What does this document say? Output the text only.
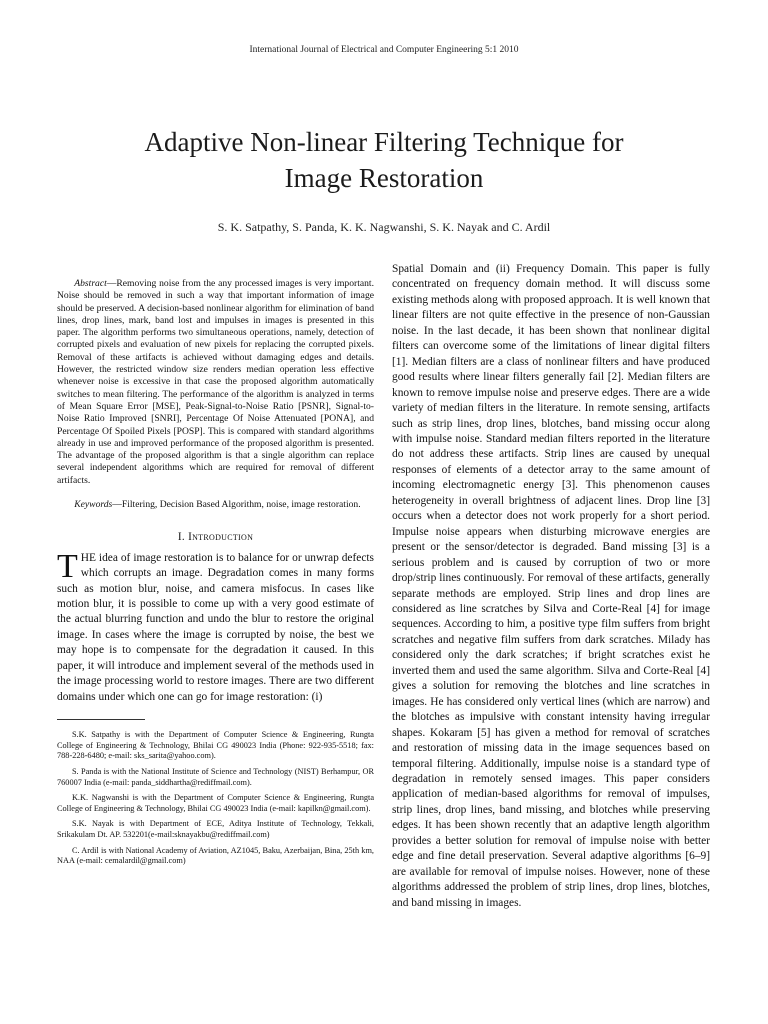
International Journal of Electrical and Computer Engineering 5:1 2010
Adaptive Non-linear Filtering Technique for
Image Restoration
S. K. Satpathy, S. Panda, K. K. Nagwanshi, S. K. Nayak and C. Ardil

Abstract—Removing noise from the any processed images is very important. Noise should be removed in such a way that important information of image should be preserved. A decision-based nonlinear algorithm for elimination of band lines, drop lines, mark, band lost and impulses in images is presented in this paper. The algorithm performs two simultaneous operations, namely, detection of corrupted pixels and evaluation of new pixels for replacing the corrupted pixels. Removal of these artifacts is achieved without damaging edges and details. However, the restricted window size renders median operation less effective whenever noise is excessive in that case the proposed algorithm automatically switches to mean filtering. The performance of the algorithm is analyzed in terms of Mean Square Error [MSE], Peak-Signal-to-Noise Ratio [PSNR], Signal-to-Noise Ratio Improved [SNRI], Percentage Of Noise Attenuated [PONA], and Percentage Of Spoiled Pixels [POSP]. This is compared with standard algorithms already in use and improved performance of the proposed algorithm is presented. The advantage of the proposed algorithm is that a single algorithm can replace several independent algorithms which are required for removal of different artifacts.

Keywords—Filtering, Decision Based Algorithm, noise, image restoration.

I. Introduction

THE idea of image restoration is to balance for or unwrap defects which corrupts an image. Degradation comes in many forms such as motion blur, noise, and camera misfocus. In cases like motion blur, it is possible to come up with a very good estimate of the actual blurring function and undo the blur to restore the original image. In cases where the image is corrupted by noise, the best we may hope is to compensate for the degradation it caused. In this paper, it will introduce and implement several of the methods used in the image processing world to restore images. There are two different domains under which one can go for image restoration: (i)

S.K. Satpathy is with the Department of Computer Science & Engineering, Rungta College of Engineering & Technology, Bhilai CG 490023 India (Phone: 922-935-5518; fax: 788-228-6480; e-mail: sks_sarita@yahoo.com).

S. Panda is with the National Institute of Science and Technology (NIST) Berhampur, OR 760007 India (e-mail: panda_siddhartha@rediffmail.com).

K.K. Nagwanshi is with the Department of Computer Science & Engineering, Rungta College of Engineering & Technology, Bhilai CG 490023 India (e-mail: kapilkn@gmail.com).

S.K. Nayak is with Department of ECE, Aditya Institute of Technology, Tekkali, Srikakulam Dt. AP. 532201(e-mail:sknayakbu@rediffmail.com)

C. Ardil is with National Academy of Aviation, AZ1045, Baku, Azerbaijan, Bina, 25th km, NAA (e-mail: cemalardil@gmail.com)

Spatial Domain and (ii) Frequency Domain. This paper is fully concentrated on frequency domain method. It will discuss some existing methods along with proposed approach. It is well known that linear filters are not quite effective in the presence of non-Gaussian noise. In the last decade, it has been shown that nonlinear digital filters can overcome some of the limitations of linear digital filters [1]. Median filters are a class of nonlinear filters and have produced good results where linear filters generally fail [2]. Median filters are known to remove impulse noise and preserve edges. There are a wide variety of median filters in the literature. In remote sensing, artifacts such as strip lines, drop lines, blotches, band missing occur along with impulse noise. Standard median filters reported in the literature do not address these artifacts. Strip lines are caused by unequal responses of elements of a detector array to the same amount of incoming electromagnetic energy [3]. This phenomenon causes heterogeneity in overall brightness of adjacent lines. Drop line [3] occurs when a detector does not work properly for a short period. Impulse noise appears when disturbing microwave energies are present or the sensor/detector is degraded. Band missing [3] is a serious problem and is caused by corruption of two or more drop/strip lines continuously. For removal of these artifacts, generally separate methods are employed. Strip lines and drop lines are considered as line scratches by Silva and Corte-Real [4] for image sequences. According to him, a positive type film suffers from bright scratches and negative film suffers from dark scratches. Milady has considered only the dark scratches; if bright scratches exist he inverted them and used the same algorithm. Silva and Corte-Real [4] gives a solution for removing the blotches and line scratches in images. He has considered only vertical lines (which are narrow) and the blotches as impulsive with constant intensity having irregular shapes. Kokaram [5] has given a method for removal of scratches and restoration of missing data in the image sequences based on temporal filtering. Additionally, impulse noise is a standard type of degradation in remotely sensed images. This paper considers application of median-based algorithms for removal of impulses, strip lines, drop lines, band missing, and blotches while preserving edges. It has been shown recently that an adaptive length algorithm provides a better solution for removal of impulse noise with better edge and fine detail preservation. Several adaptive algorithms [6–9] are available for removal of impulse noises. However, none of these algorithms addressed the problem of strip lines, drop lines, blotches, and band missing in images.
